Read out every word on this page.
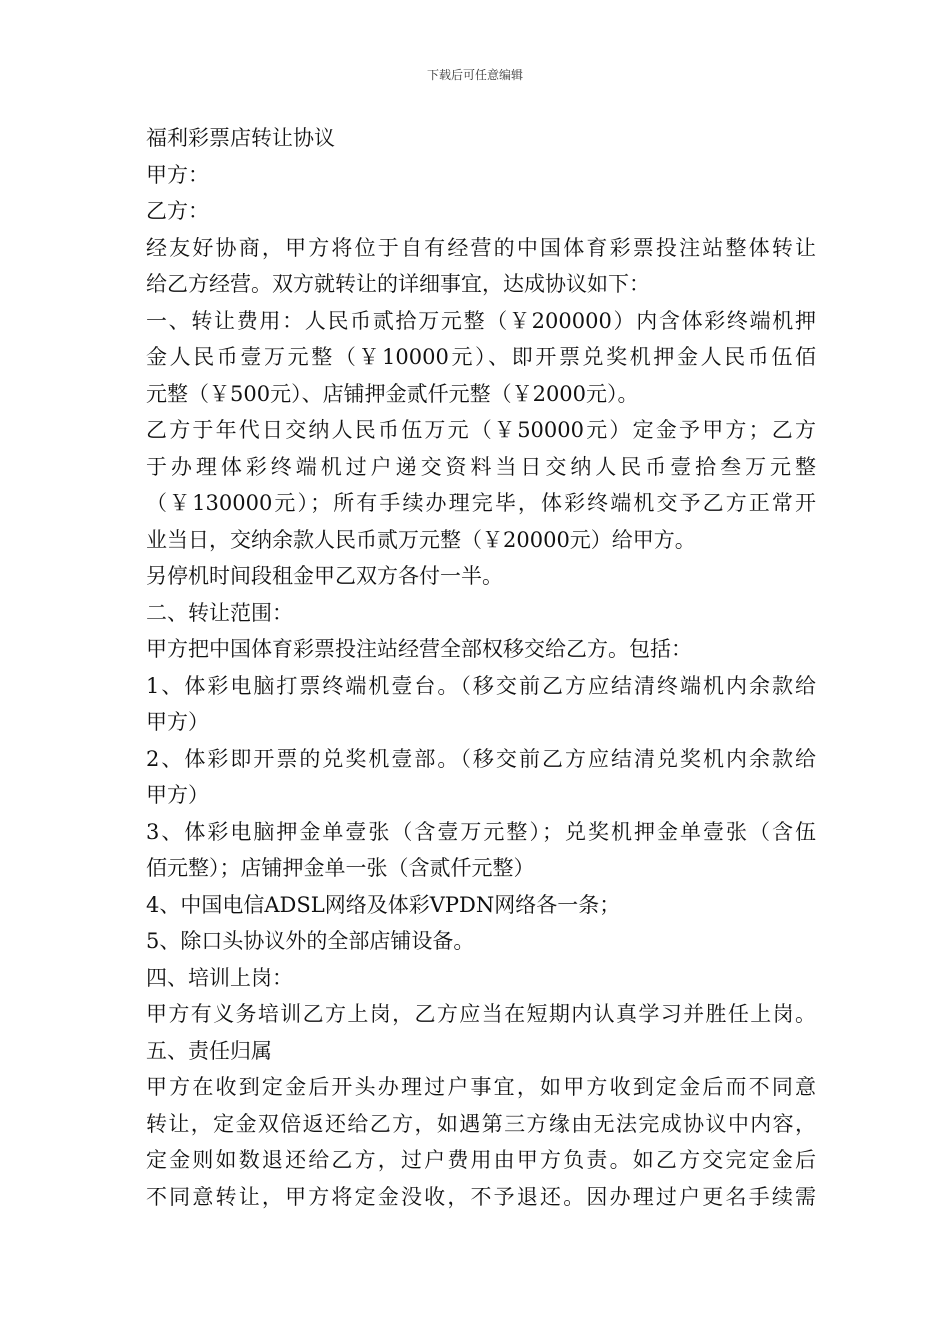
下载后可任意编辑
福利彩票店转让协议
甲方：
乙方：
经友好协商，甲方将位于自有经营的中国体育彩票投注站整体转让
给乙方经营。双方就转让的详细事宜，达成协议如下：
一、转让费用：人民币贰拾万元整（￥200000）内含体彩终端机押
金人民币壹万元整（￥10000元）、即开票兑奖机押金人民币伍佰
元整（￥500元）、店铺押金贰仟元整（￥2000元）。
乙方于年代日交纳人民币伍万元（￥50000元）定金予甲方；乙方
于办理体彩终端机过户递交资料当日交纳人民币壹拾叁万元整
（￥130000元）；所有手续办理完毕，体彩终端机交予乙方正常开
业当日，交纳余款人民币贰万元整（￥20000元）给甲方。
另停机时间段租金甲乙双方各付一半。
二、转让范围：
甲方把中国体育彩票投注站经营全部权移交给乙方。包括：
1、体彩电脑打票终端机壹台。（移交前乙方应结清终端机内余款给
甲方）
2、体彩即开票的兑奖机壹部。（移交前乙方应结清兑奖机内余款给
甲方）
3、体彩电脑押金单壹张（含壹万元整）；兑奖机押金单壹张（含伍
佰元整）；店铺押金单一张（含贰仟元整）
4、中国电信ADSL网络及体彩VPDN网络各一条；
5、除口头协议外的全部店铺设备。
四、培训上岗：
甲方有义务培训乙方上岗，乙方应当在短期内认真学习并胜任上岗。
五、责任归属
甲方在收到定金后开头办理过户事宜，如甲方收到定金后而不同意
转让，定金双倍返还给乙方，如遇第三方缘由无法完成协议中内容，
定金则如数退还给乙方，过户费用由甲方负责。如乙方交完定金后
不同意转让，甲方将定金没收，不予退还。因办理过户更名手续需
